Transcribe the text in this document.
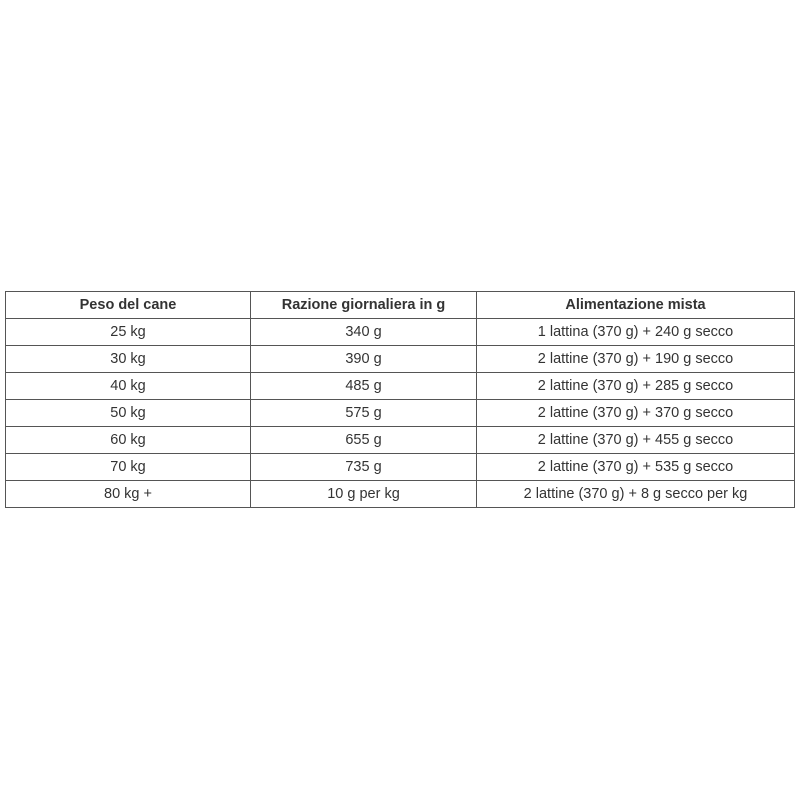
Peso del cane	Razione giornaliera in g	Alimentazione mista
25 kg	340 g	1 lattina (370 g) + 240 g secco
30 kg	390 g	2 lattine (370 g) + 190 g secco
40 kg	485 g	2 lattine (370 g) + 285 g secco
50 kg	575 g	2 lattine (370 g) + 370 g secco
60 kg	655 g	2 lattine (370 g) + 455 g secco
70 kg	735 g	2 lattine (370 g) + 535 g secco
80 kg +	10 g per kg	2 lattine (370 g) + 8 g secco per kg
